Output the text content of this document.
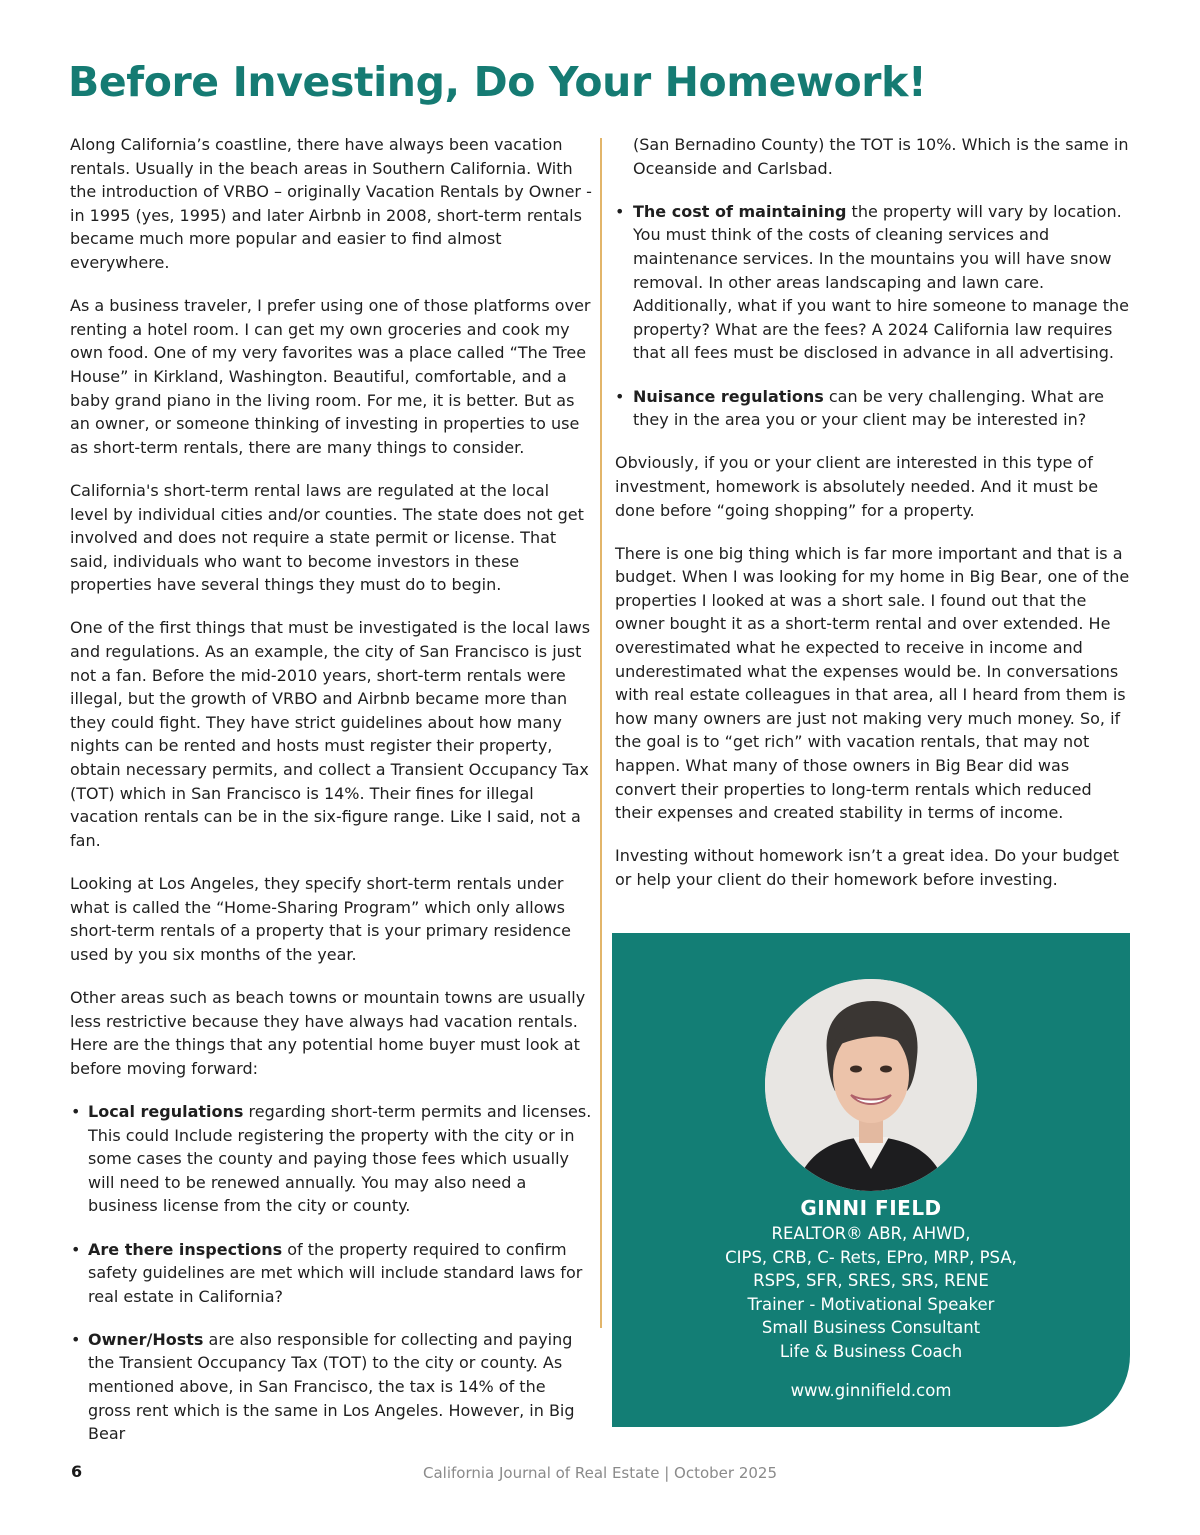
Before Investing, Do Your Homework!

Along California’s coastline, there have always been vacation rentals. Usually in the beach areas in Southern California. With the introduction of VRBO – originally Vacation Rentals by Owner - in 1995 (yes, 1995) and later Airbnb in 2008, short-term rentals became much more popular and easier to find almost everywhere.

As a business traveler, I prefer using one of those platforms over renting a hotel room. I can get my own groceries and cook my own food. One of my very favorites was a place called “The Tree House” in Kirkland, Washington. Beautiful, comfortable, and a baby grand piano in the living room. For me, it is better. But as an owner, or someone thinking of investing in properties to use as short-term rentals, there are many things to consider.

California's short-term rental laws are regulated at the local level by individual cities and/or counties. The state does not get involved and does not require a state permit or license. That said, individuals who want to become investors in these properties have several things they must do to begin.

One of the first things that must be investigated is the local laws and regulations. As an example, the city of San Francisco is just not a fan. Before the mid-2010 years, short-term rentals were illegal, but the growth of VRBO and Airbnb became more than they could fight. They have strict guidelines about how many nights can be rented and hosts must register their property, obtain necessary permits, and collect a Transient Occupancy Tax (TOT) which in San Francisco is 14%. Their fines for illegal vacation rentals can be in the six-figure range. Like I said, not a fan.

Looking at Los Angeles, they specify short-term rentals under what is called the “Home-Sharing Program” which only allows short-term rentals of a property that is your primary residence used by you six months of the year.

Other areas such as beach towns or mountain towns are usually less restrictive because they have always had vacation rentals. Here are the things that any potential home buyer must look at before moving forward:

• Local regulations regarding short-term permits and licenses. This could Include registering the property with the city or in some cases the county and paying those fees which usually will need to be renewed annually. You may also need a business license from the city or county.
• Are there inspections of the property required to confirm safety guidelines are met which will include standard laws for real estate in California?
• Owner/Hosts are also responsible for collecting and paying the Transient Occupancy Tax (TOT) to the city or county. As mentioned above, in San Francisco, the tax is 14% of the gross rent which is the same in Los Angeles. However, in Big Bear

(San Bernadino County) the TOT is 10%. Which is the same in Oceanside and Carlsbad.

• The cost of maintaining the property will vary by location. You must think of the costs of cleaning services and maintenance services. In the mountains you will have snow removal. In other areas landscaping and lawn care. Additionally, what if you want to hire someone to manage the property? What are the fees? A 2024 California law requires that all fees must be disclosed in advance in all advertising.
• Nuisance regulations can be very challenging. What are they in the area you or your client may be interested in?

Obviously, if you or your client are interested in this type of investment, homework is absolutely needed. And it must be done before “going shopping” for a property.

There is one big thing which is far more important and that is a budget. When I was looking for my home in Big Bear, one of the properties I looked at was a short sale. I found out that the owner bought it as a short-term rental and over extended. He overestimated what he expected to receive in income and underestimated what the expenses would be. In conversations with real estate colleagues in that area, all I heard from them is how many owners are just not making very much money. So, if the goal is to “get rich” with vacation rentals, that may not happen. What many of those owners in Big Bear did was convert their properties to long-term rentals which reduced their expenses and created stability in terms of income.

Investing without homework isn’t a great idea. Do your budget or help your client do their homework before investing.

GINNI FIELD
REALTOR® ABR, AHWD,
CIPS, CRB, C- Rets, EPro, MRP, PSA,
RSPS, SFR, SRES, SRS, RENE
Trainer - Motivational Speaker
Small Business Consultant
Life & Business Coach
www.ginnifield.com
6	California Journal of Real Estate | October 2025
